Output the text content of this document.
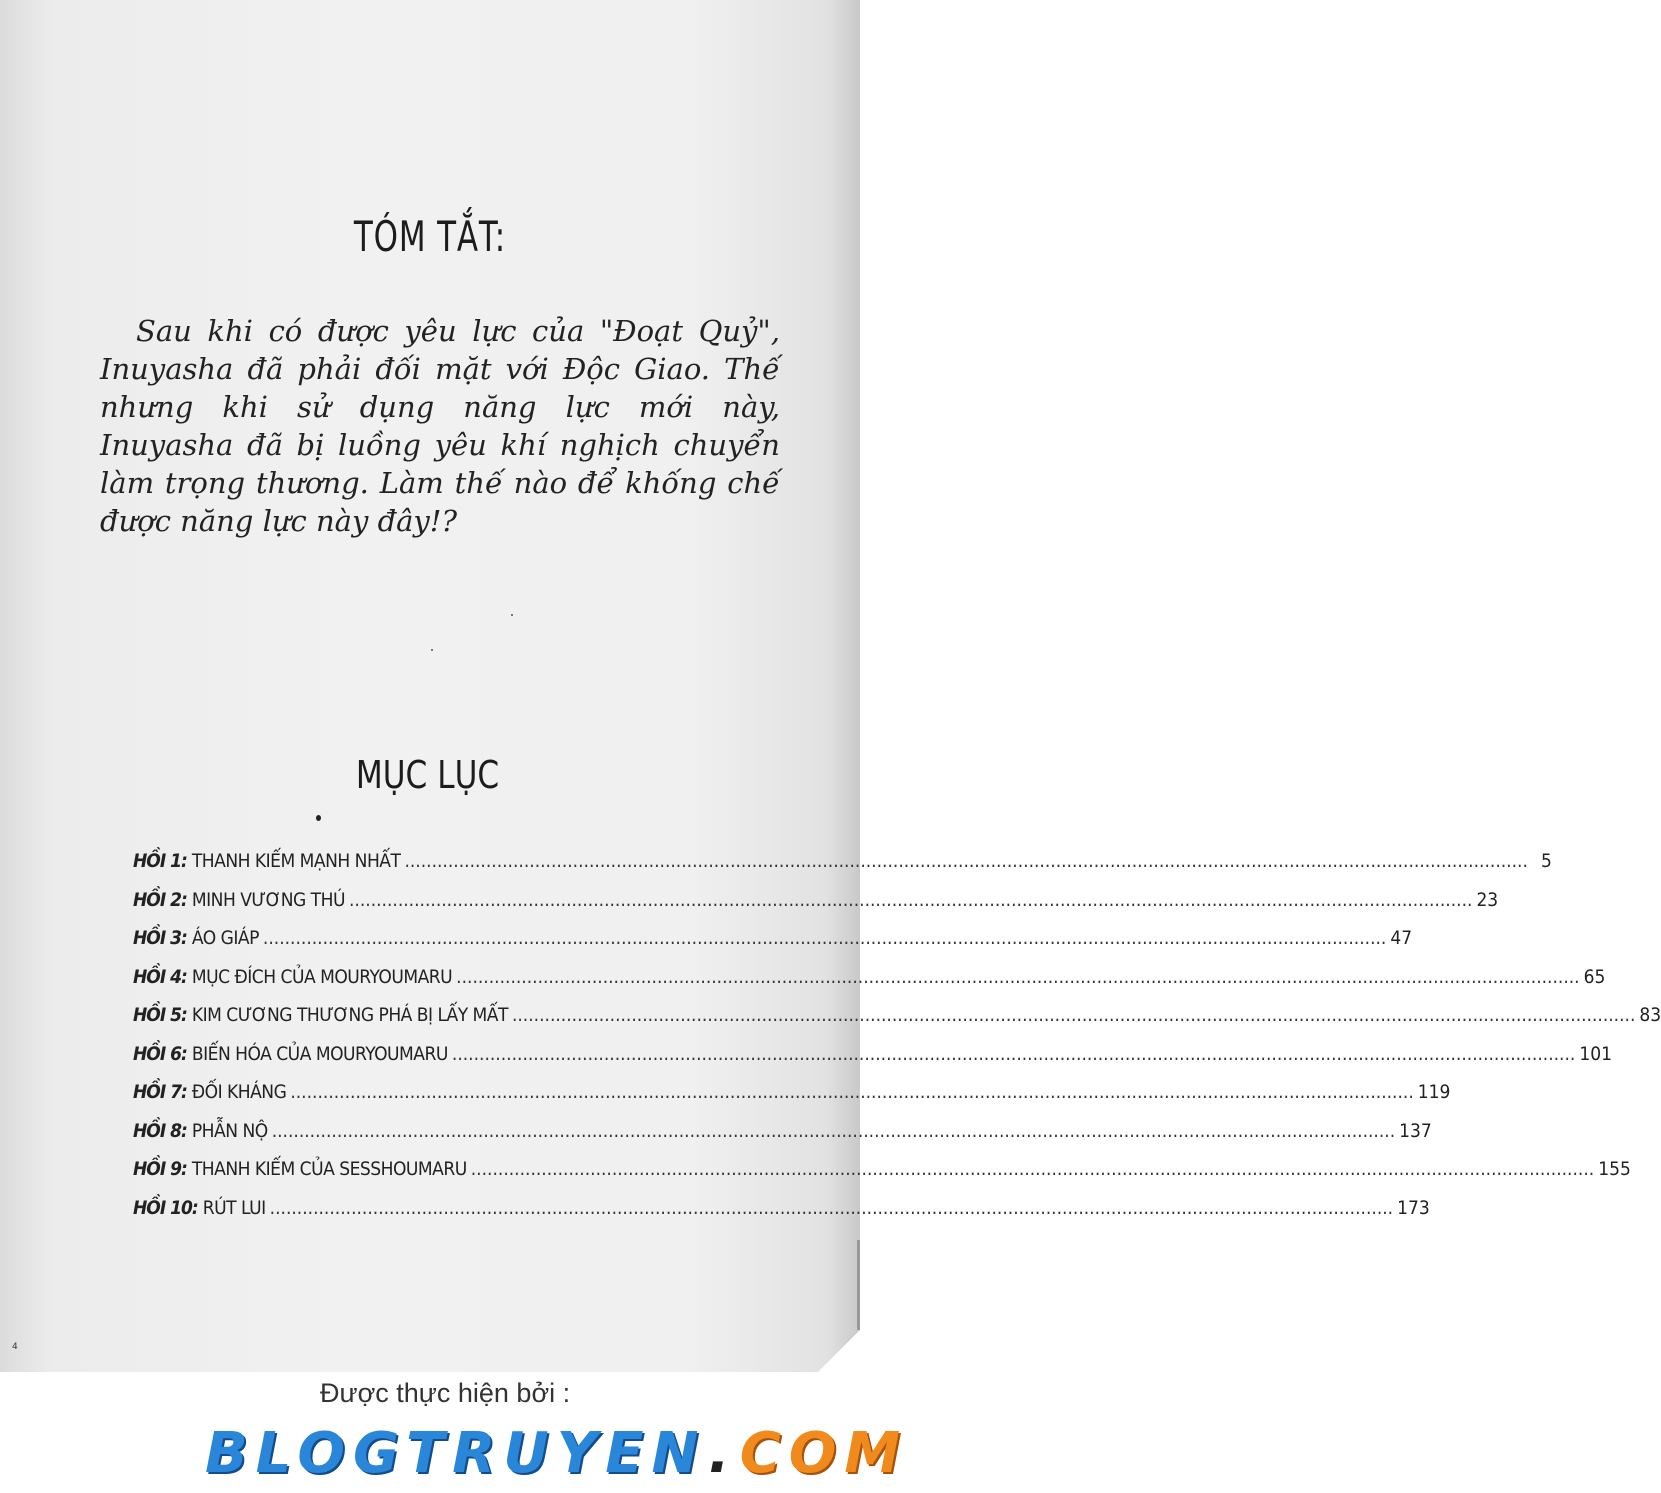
TÓM TẮT:
Sau khi có được yêu lực của "Đoạt Quỷ", Inuyasha đã phải đối mặt với Độc Giao. Thế nhưng khi sử dụng năng lực mới này, Inuyasha đã bị luồng yêu khí nghịch chuyển làm trọng thương. Làm thế nào để khống chế được năng lực này đây!?
MỤC LỤC
HỒI 1: THANH KIẾM MẠNH NHẤT .....	5
HỒI 2: MINH VƯƠNG THÚ .....	23
HỒI 3: ÁO GIÁP .....	47
HỒI 4: MỤC ĐÍCH CỦA MOURYOUMARU .....	65
HỒI 5: KIM CƯƠNG THƯƠNG PHÁ BỊ LẤY MẤT .....	83
HỒI 6: BIẾN HÓA CỦA MOURYOUMARU .....	101
HỒI 7: ĐỐI KHÁNG .....	119
HỒI 8: PHẪN NỘ .....	137
HỒI 9: THANH KIẾM CỦA SESSHOUMARU .....	155
HỒI 10: RÚT LUI .....	173
4
Được thực hiện bởi :
BLOGTRUYEN . COM
